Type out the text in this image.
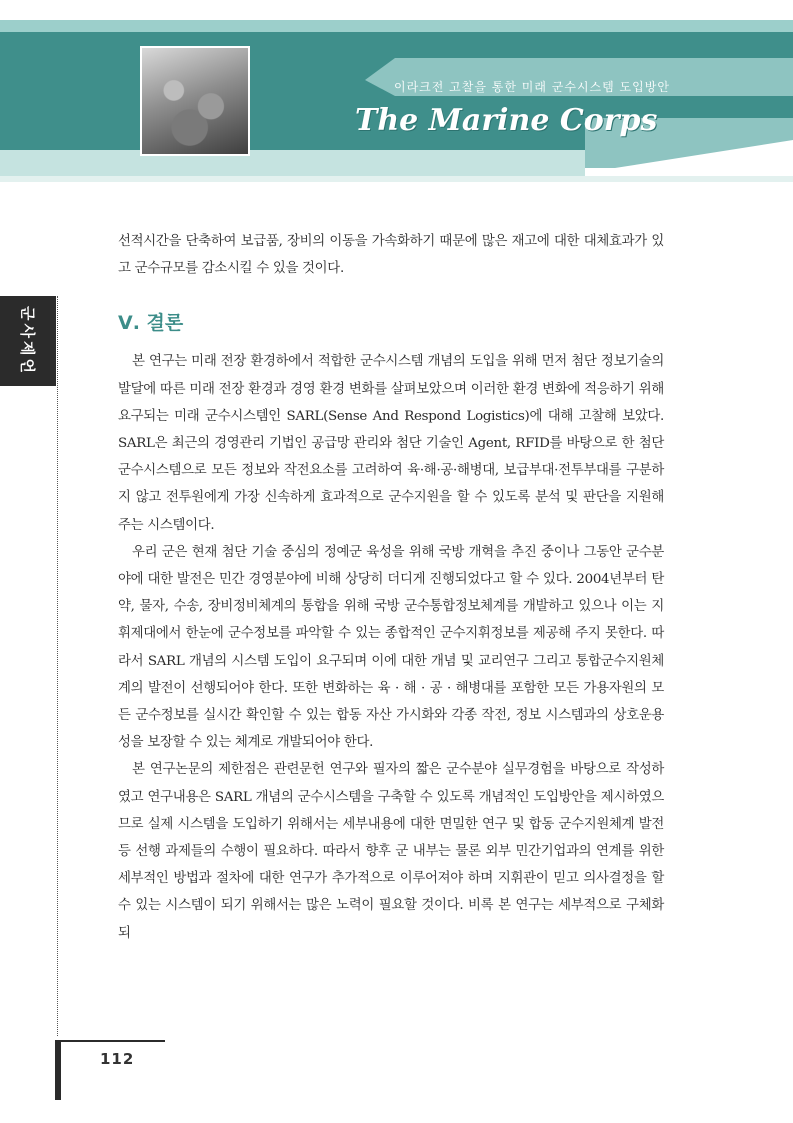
이라크전 고찰을 통한 미래 군수시스템 도입방안
The Marine Corps
군사제언

선적시간을 단축하여 보급품, 장비의 이동을 가속화하기 때문에 많은 재고에 대한 대체효과가 있고 군수규모를 감소시킬 수 있을 것이다.

Ⅴ. 결론

본 연구는 미래 전장 환경하에서 적합한 군수시스템 개념의 도입을 위해 먼저 첨단 정보기술의 발달에 따른 미래 전장 환경과 경영 환경 변화를 살펴보았으며 이러한 환경 변화에 적응하기 위해 요구되는 미래 군수시스템인 SARL(Sense And Respond Logistics)에 대해 고찰해 보았다. SARL은 최근의 경영관리 기법인 공급망 관리와 첨단 기술인 Agent, RFID를 바탕으로 한 첨단 군수시스템으로 모든 정보와 작전요소를 고려하여 육·해·공·해병대, 보급부대·전투부대를 구분하지 않고 전투원에게 가장 신속하게 효과적으로 군수지원을 할 수 있도록 분석 및 판단을 지원해 주는 시스템이다.

우리 군은 현재 첨단 기술 중심의 정예군 육성을 위해 국방 개혁을 추진 중이나 그동안 군수분야에 대한 발전은 민간 경영분야에 비해 상당히 더디게 진행되었다고 할 수 있다. 2004년부터 탄약, 물자, 수송, 장비정비체계의 통합을 위해 국방 군수통합정보체계를 개발하고 있으나 이는 지휘제대에서 한눈에 군수정보를 파악할 수 있는 종합적인 군수지휘정보를 제공해 주지 못한다. 따라서 SARL 개념의 시스템 도입이 요구되며 이에 대한 개념 및 교리연구 그리고 통합군수지원체계의 발전이 선행되어야 한다. 또한 변화하는 육 · 해 · 공 · 해병대를 포함한 모든 가용자원의 모든 군수정보를 실시간 확인할 수 있는 합동 자산 가시화와 각종 작전, 정보 시스템과의 상호운용성을 보장할 수 있는 체계로 개발되어야 한다.

본 연구논문의 제한점은 관련문헌 연구와 필자의 짧은 군수분야 실무경험을 바탕으로 작성하였고 연구내용은 SARL 개념의 군수시스템을 구축할 수 있도록 개념적인 도입방안을 제시하였으므로 실제 시스템을 도입하기 위해서는 세부내용에 대한 면밀한 연구 및 합동 군수지원체계 발전 등 선행 과제들의 수행이 필요하다. 따라서 향후 군 내부는 물론 외부 민간기업과의 연계를 위한 세부적인 방법과 절차에 대한 연구가 추가적으로 이루어져야 하며 지휘관이 믿고 의사결정을 할 수 있는 시스템이 되기 위해서는 많은 노력이 필요할 것이다. 비록 본 연구는 세부적으로 구체화되

112
